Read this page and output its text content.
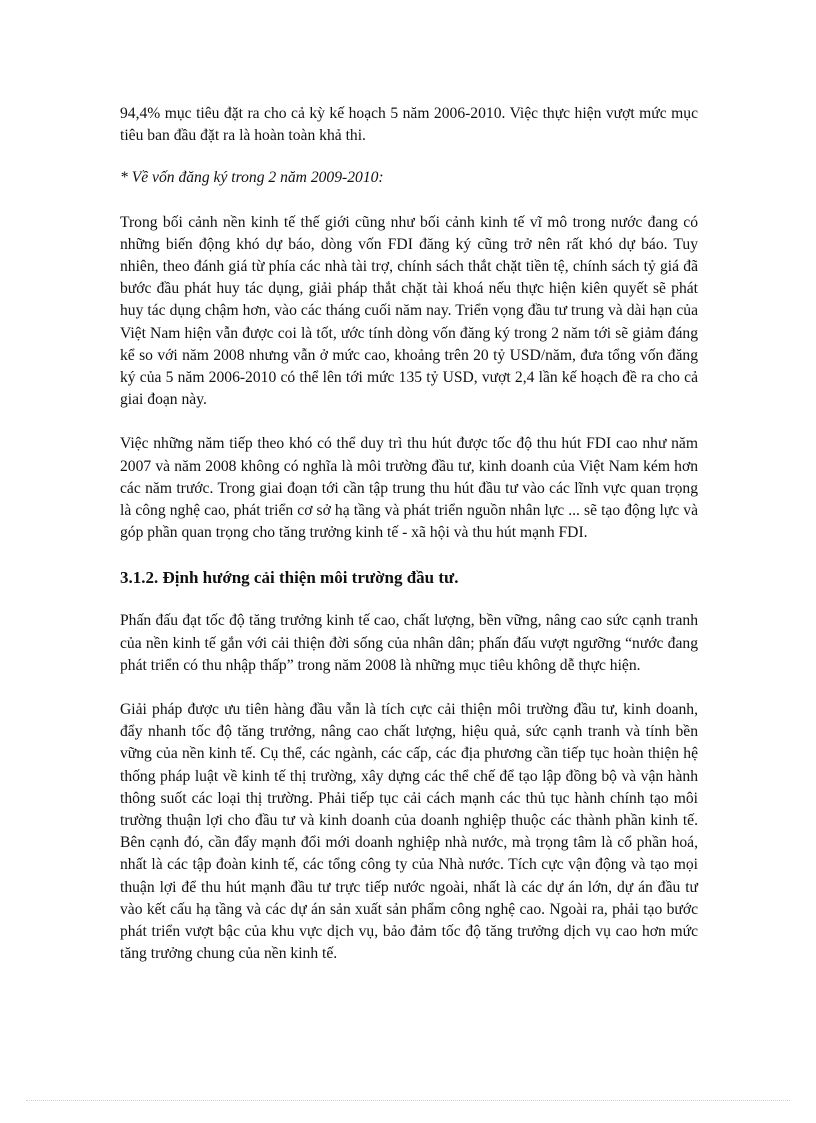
94,4% mục tiêu đặt ra cho cả kỳ kế hoạch 5 năm 2006-2010. Việc thực hiện vượt mức mục tiêu ban đầu đặt ra là hoàn toàn khả thi.

* Về vốn đăng ký trong 2 năm 2009-2010:

Trong bối cảnh nền kinh tế thế giới cũng như bối cảnh kinh tế vĩ mô trong nước đang có những biến động khó dự báo, dòng vốn FDI đăng ký cũng trở nên rất khó dự báo. Tuy nhiên, theo đánh giá từ phía các nhà tài trợ, chính sách thắt chặt tiền tệ, chính sách tỷ giá đã bước đầu phát huy tác dụng, giải pháp thắt chặt tài khoá nếu thực hiện kiên quyết sẽ phát huy tác dụng chậm hơn, vào các tháng cuối năm nay. Triển vọng đầu tư trung và dài hạn của Việt Nam hiện vẫn được coi là tốt, ước tính dòng vốn đăng ký trong 2 năm tới sẽ giảm đáng kể so với năm 2008 nhưng vẫn ở mức cao, khoảng trên 20 tỷ USD/năm, đưa tổng vốn đăng ký của 5 năm 2006-2010 có thể lên tới mức 135 tỷ USD, vượt 2,4 lần kế hoạch đề ra cho cả giai đoạn này.

Việc những năm tiếp theo khó có thể duy trì thu hút được tốc độ thu hút FDI cao như năm 2007 và năm 2008 không có nghĩa là môi trường đầu tư, kinh doanh của Việt Nam kém hơn các năm trước. Trong giai đoạn tới cần tập trung thu hút đầu tư vào các lĩnh vực quan trọng là công nghệ cao, phát triển cơ sở hạ tầng và phát triển nguồn nhân lực ... sẽ tạo động lực và góp phần quan trọng cho tăng trưởng kinh tế - xã hội và thu hút mạnh FDI.

3.1.2. Định hướng cải thiện môi trường đầu tư.

Phấn đấu đạt tốc độ tăng trưởng kinh tế cao, chất lượng, bền vững, nâng cao sức cạnh tranh của nền kinh tế gắn với cải thiện đời sống của nhân dân; phấn đấu vượt ngưỡng “nước đang phát triển có thu nhập thấp” trong năm 2008 là những mục tiêu không dễ thực hiện.

Giải pháp được ưu tiên hàng đầu vẫn là tích cực cải thiện môi trường đầu tư, kinh doanh, đẩy nhanh tốc độ tăng trưởng, nâng cao chất lượng, hiệu quả, sức cạnh tranh và tính bền vững của nền kinh tế. Cụ thể, các ngành, các cấp, các địa phương cần tiếp tục hoàn thiện hệ thống pháp luật về kinh tế thị trường, xây dựng các thể chế để tạo lập đồng bộ và vận hành thông suốt các loại thị trường. Phải tiếp tục cải cách mạnh các thủ tục hành chính tạo môi trường thuận lợi cho đầu tư và kinh doanh của doanh nghiệp thuộc các thành phần kinh tế. Bên cạnh đó, cần đẩy mạnh đổi mới doanh nghiệp nhà nước, mà trọng tâm là cổ phần hoá, nhất là các tập đoàn kinh tế, các tổng công ty của Nhà nước. Tích cực vận động và tạo mọi thuận lợi để thu hút mạnh đầu tư trực tiếp nước ngoài, nhất là các dự án lớn, dự án đầu tư vào kết cấu hạ tầng và các dự án sản xuất sản phẩm công nghệ cao. Ngoài ra, phải tạo bước phát triển vượt bậc của khu vực dịch vụ, bảo đảm tốc độ tăng trưởng dịch vụ cao hơn mức tăng trưởng chung của nền kinh tế.
